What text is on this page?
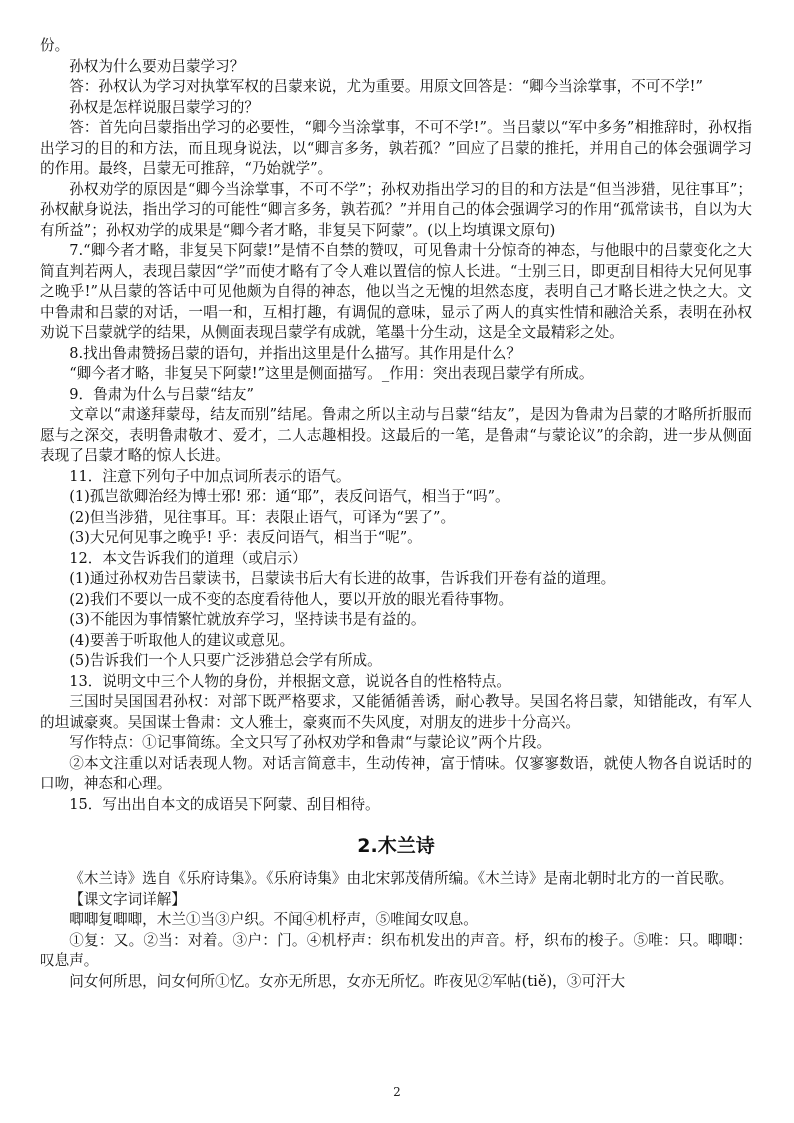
份。

孙权为什么要劝吕蒙学习？

答：孙权认为学习对执掌军权的吕蒙来说，尤为重要。用原文回答是：“卿今当涂掌事，不可不学!”

孙权是怎样说服吕蒙学习的？

答：首先向吕蒙指出学习的必要性，“卿今当涂掌事，不可不学!”。当吕蒙以“军中多务”相推辞时，孙权指出学习的目的和方法，而且现身说法，以“卿言多务，孰若孤？”回应了吕蒙的推托，并用自己的体会强调学习的作用。最终，吕蒙无可推辞，“乃始就学”。

孙权劝学的原因是“卿今当涂掌事，不可不学”；孙权劝指出学习的目的和方法是“但当涉猎，见往事耳”；孙权献身说法，指出学习的可能性“卿言多务，孰若孤？”并用自己的体会强调学习的作用“孤常读书，自以为大有所益”；孙权劝学的成果是“卿今者才略，非复吴下阿蒙”。(以上均填课文原句)

7.“卿今者才略，非复吴下阿蒙!”是情不自禁的赞叹，可见鲁肃十分惊奇的神态，与他眼中的吕蒙变化之大简直判若两人，表现吕蒙因“学”而使才略有了令人难以置信的惊人长进。“士别三日，即更刮目相待大兄何见事之晚乎!”从吕蒙的答话中可见他颇为自得的神态，他以当之无愧的坦然态度，表明自己才略长进之快之大。文中鲁肃和吕蒙的对话，一唱一和，互相打趣，有调侃的意味，显示了两人的真实性情和融洽关系，表明在孙权劝说下吕蒙就学的结果，从侧面表现吕蒙学有成就，笔墨十分生动，这是全文最精彩之处。

8.找出鲁肃赞扬吕蒙的语句，并指出这里是什么描写。其作用是什么？

“卿今者才略，非复吴下阿蒙!”这里是侧面描写。_作用：突出表现吕蒙学有所成。

9．鲁肃为什么与吕蒙“结友”

文章以“肃遂拜蒙母，结友而别”结尾。鲁肃之所以主动与吕蒙“结友”，是因为鲁肃为吕蒙的才略所折服而愿与之深交，表明鲁肃敬才、爱才，二人志趣相投。这最后的一笔，是鲁肃“与蒙论议”的余韵，进一步从侧面表现了吕蒙才略的惊人长进。

11．注意下列句子中加点词所表示的语气。

(1)孤岂欲卿治经为博士邪! 邪：通“耶”，表反问语气，相当于“吗”。

(2)但当涉猎，见往事耳。耳：表限止语气，可译为“罢了”。

(3)大兄何见事之晚乎! 乎：表反问语气，相当于“呢”。

12．本文告诉我们的道理（或启示）

(1)通过孙权劝告吕蒙读书，吕蒙读书后大有长进的故事，告诉我们开卷有益的道理。

(2)我们不要以一成不变的态度看待他人，要以开放的眼光看待事物。

(3)不能因为事情繁忙就放弃学习，坚持读书是有益的。

(4)要善于听取他人的建议或意见。

(5)告诉我们一个人只要广泛涉猎总会学有所成。

13．说明文中三个人物的身份，并根据文意，说说各自的性格特点。

三国时吴国国君孙权：对部下既严格要求，又能循循善诱，耐心教导。吴国名将吕蒙，知错能改，有军人的坦诚豪爽。吴国谋士鲁肃：文人雅士，豪爽而不失风度，对朋友的进步十分高兴。

写作特点：①记事简练。全文只写了孙权劝学和鲁肃“与蒙论议”两个片段。

②本文注重以对话表现人物。对话言简意丰，生动传神，富于情味。仅寥寥数语，就使人物各自说话时的口吻，神态和心理。

15．写出出自本文的成语吴下阿蒙、刮目相待。

2.木兰诗

《木兰诗》选自《乐府诗集》。《乐府诗集》由北宋郭茂倩所编。《木兰诗》是南北朝时北方的一首民歌。

【课文字词详解】

唧唧复唧唧，木兰①当③户织。不闻④机杼声，⑤唯闻女叹息。

①复：又。②当：对着。③户：门。④机杼声：织布机发出的声音。杼，织布的梭子。⑤唯：只。唧唧：叹息声。

问女何所思，问女何所①忆。女亦无所思，女亦无所忆。昨夜见②军帖(tiě)，③可汗大

2
